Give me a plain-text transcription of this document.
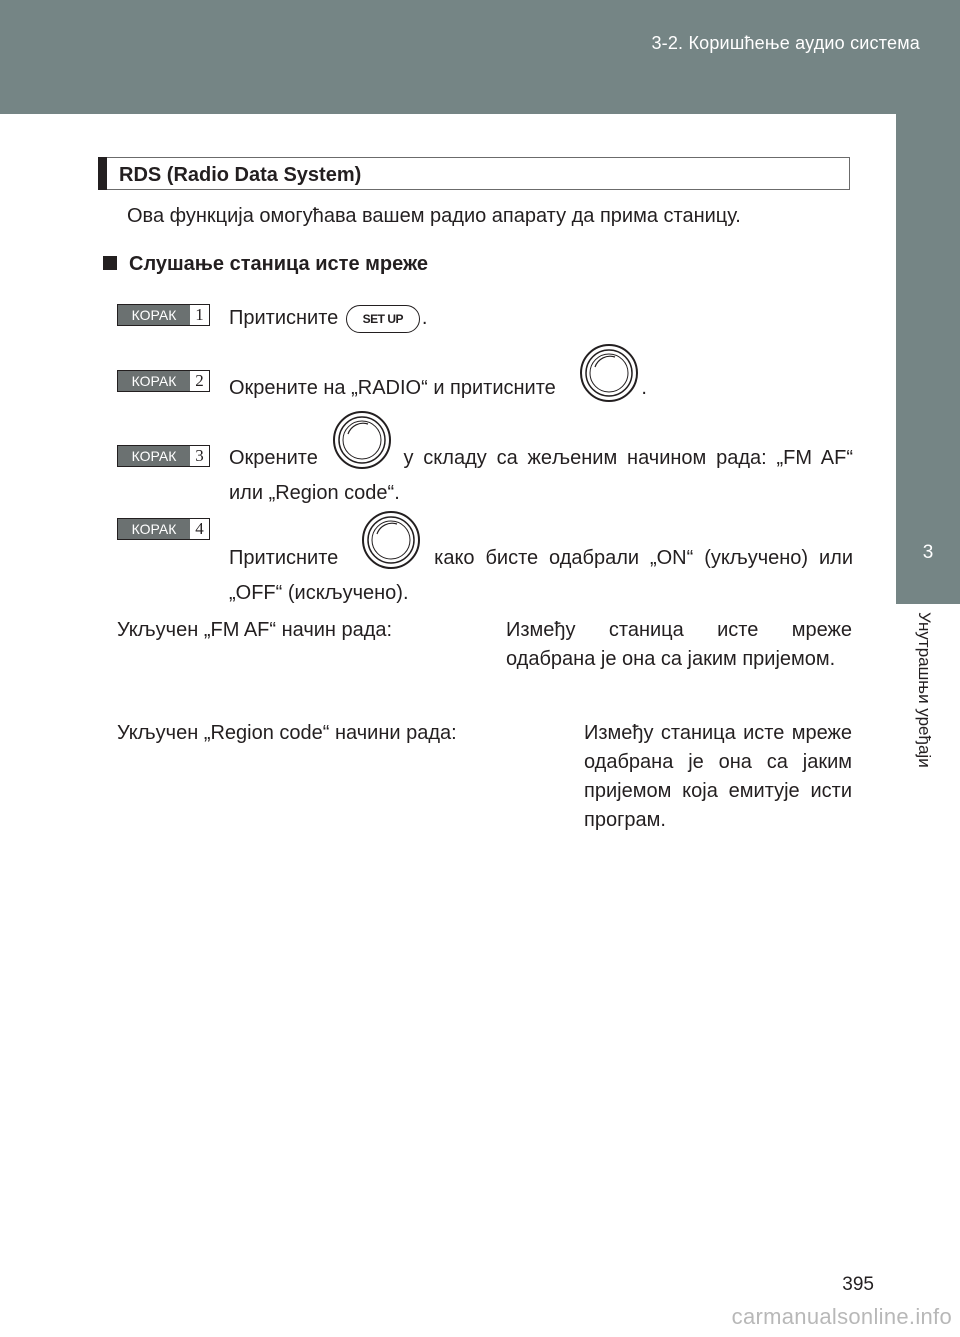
3-2. Коришћење аудио система
3
Унутрашњи уређаји
RDS (Radio Data System)
Ова функција омогућава вашем радио апарату да прима станицу.
Слушање станица исте мреже
КОРАК	1 Притисните SET UP .
КОРАК	2 Окрените на „RADIO“ и притисните	.
КОРАК	3 Окрените	у складу са жељеним начином рада: „FM AF“ или „Region code“.
КОРАК	4
Притисните	како бисте одабрали „ON“ (укључено) или „OFF“ (искључено).
Укључен „FM AF“ начин рада:	Између станица исте мреже одабрана је она са јаким пријемом.
Укључен „Region code“ начини рада:	Између станица исте мреже одабрана је она са јаким пријемом која емитује исти програм.
395
carmanualsonline.info
